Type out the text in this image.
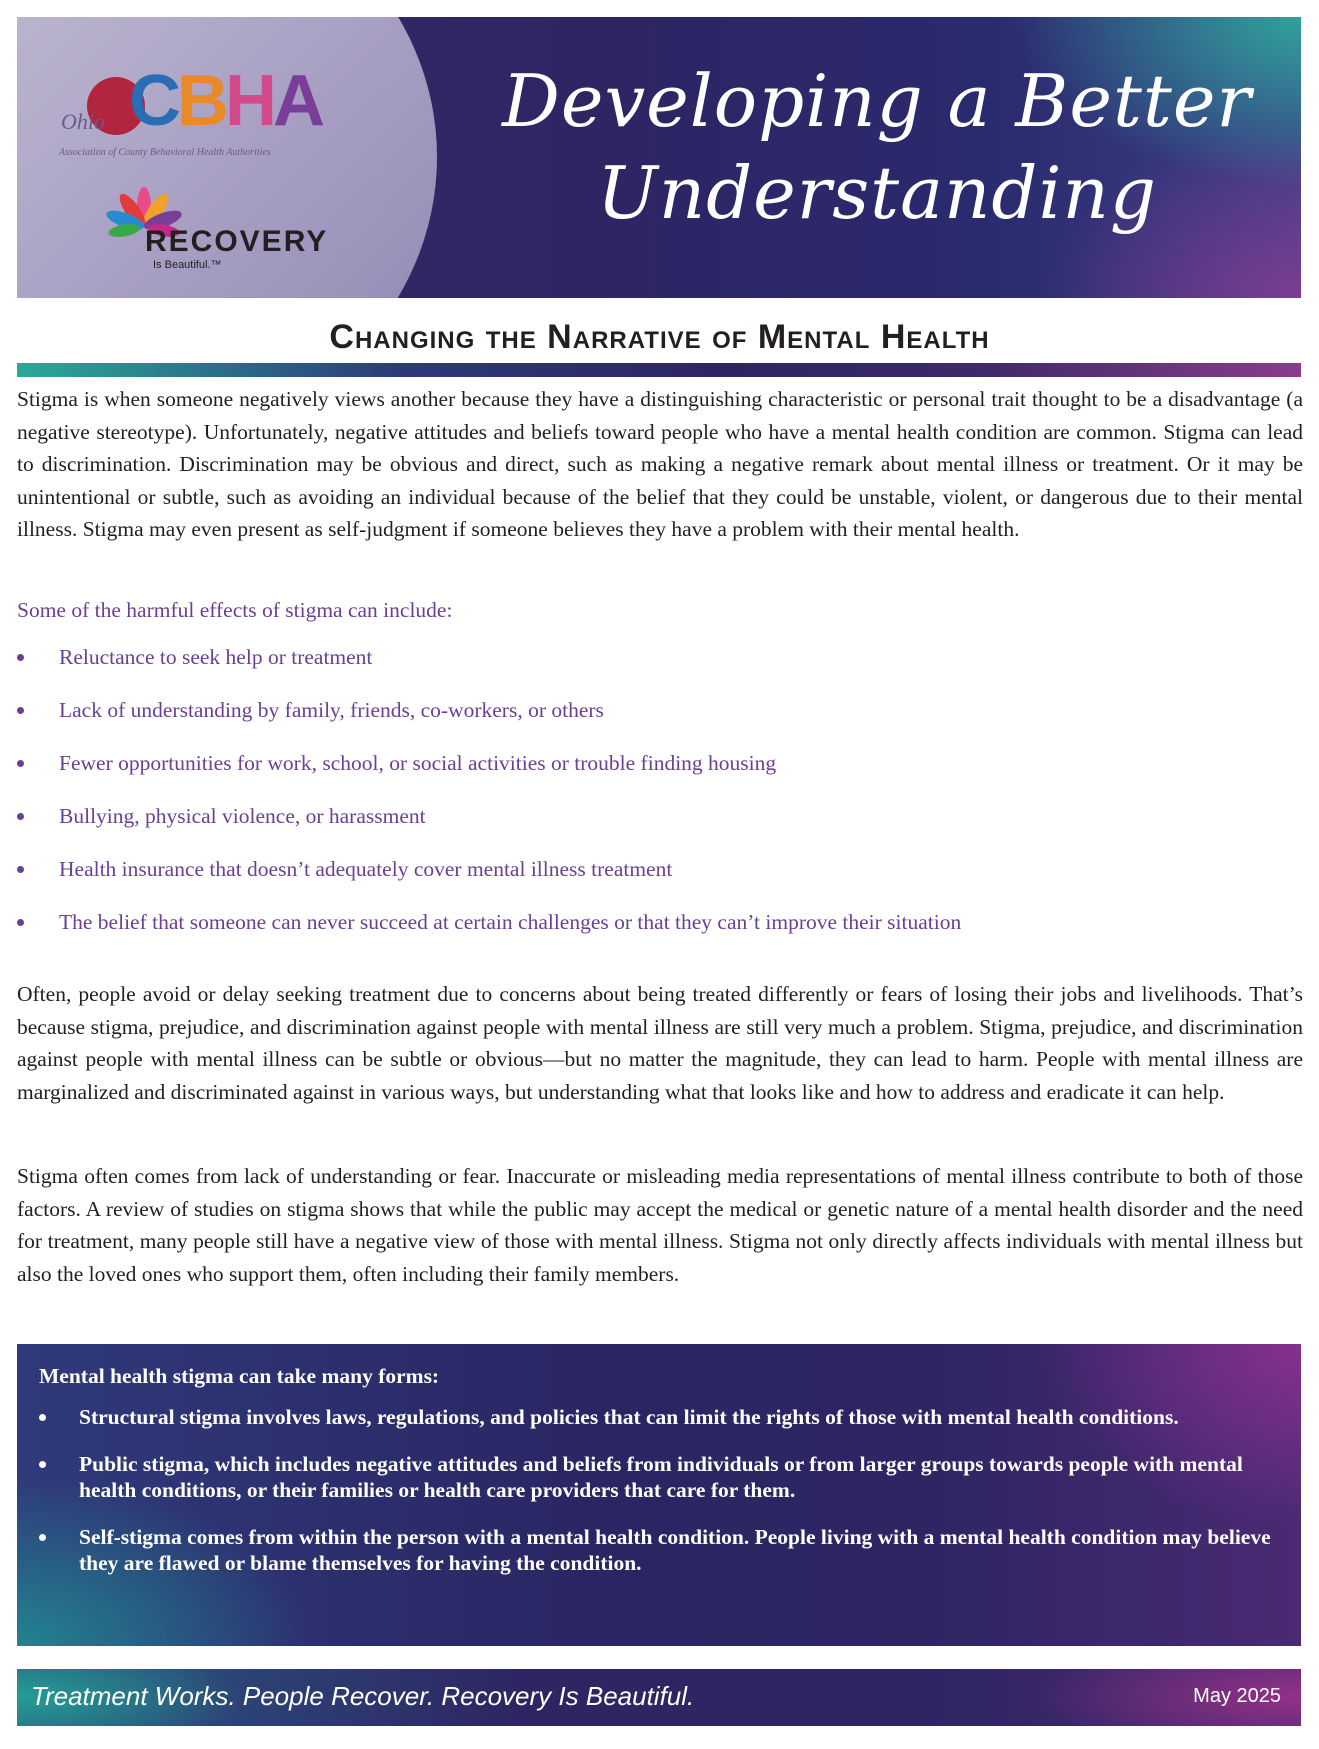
CBHA
Ohio
Association of County Behavioral Health Authorities
RECOVERY
Is Beautiful.™
Developing a Better
Understanding
Changing the Narrative of Mental Health

Stigma is when someone negatively views another because they have a distinguishing characteristic or personal trait thought to be a disadvantage (a negative stereotype). Unfortunately, negative attitudes and beliefs toward people who have a mental health condition are common. Stigma can lead to discrimination. Discrimination may be obvious and direct, such as making a negative remark about mental illness or treatment. Or it may be unintentional or subtle, such as avoiding an individual because of the belief that they could be unstable, violent, or dangerous due to their mental illness. Stigma may even present as self-judgment if someone believes they have a problem with their mental health.

Some of the harmful effects of stigma can include:
Reluctance to seek help or treatment
Lack of understanding by family, friends, co-workers, or others
Fewer opportunities for work, school, or social activities or trouble finding housing
Bullying, physical violence, or harassment
Health insurance that doesn’t adequately cover mental illness treatment
The belief that someone can never succeed at certain challenges or that they can’t improve their situation

Often, people avoid or delay seeking treatment due to concerns about being treated differently or fears of losing their jobs and livelihoods. That’s because stigma, prejudice, and discrimination against people with mental illness are still very much a problem. Stigma, prejudice, and discrimination against people with mental illness can be subtle or obvious—but no matter the magnitude, they can lead to harm. People with mental illness are marginalized and discriminated against in various ways, but understanding what that looks like and how to address and eradicate it can help.

Stigma often comes from lack of understanding or fear. Inaccurate or misleading media representations of mental illness contribute to both of those factors. A review of studies on stigma shows that while the public may accept the medical or genetic nature of a mental health disorder and the need for treatment, many people still have a negative view of those with mental illness. Stigma not only directly affects individuals with mental illness but also the loved ones who support them, often including their family members.

Mental health stigma can take many forms:
Structural stigma involves laws, regulations, and policies that can limit the rights of those with mental health conditions.
Public stigma, which includes negative attitudes and beliefs from individuals or from larger groups towards people with mental health conditions, or their families or health care providers that care for them.
Self-stigma comes from within the person with a mental health condition. People living with a mental health condition may believe they are flawed or blame themselves for having the condition.
Treatment Works. People Recover. Recovery Is Beautiful.	May 2025
